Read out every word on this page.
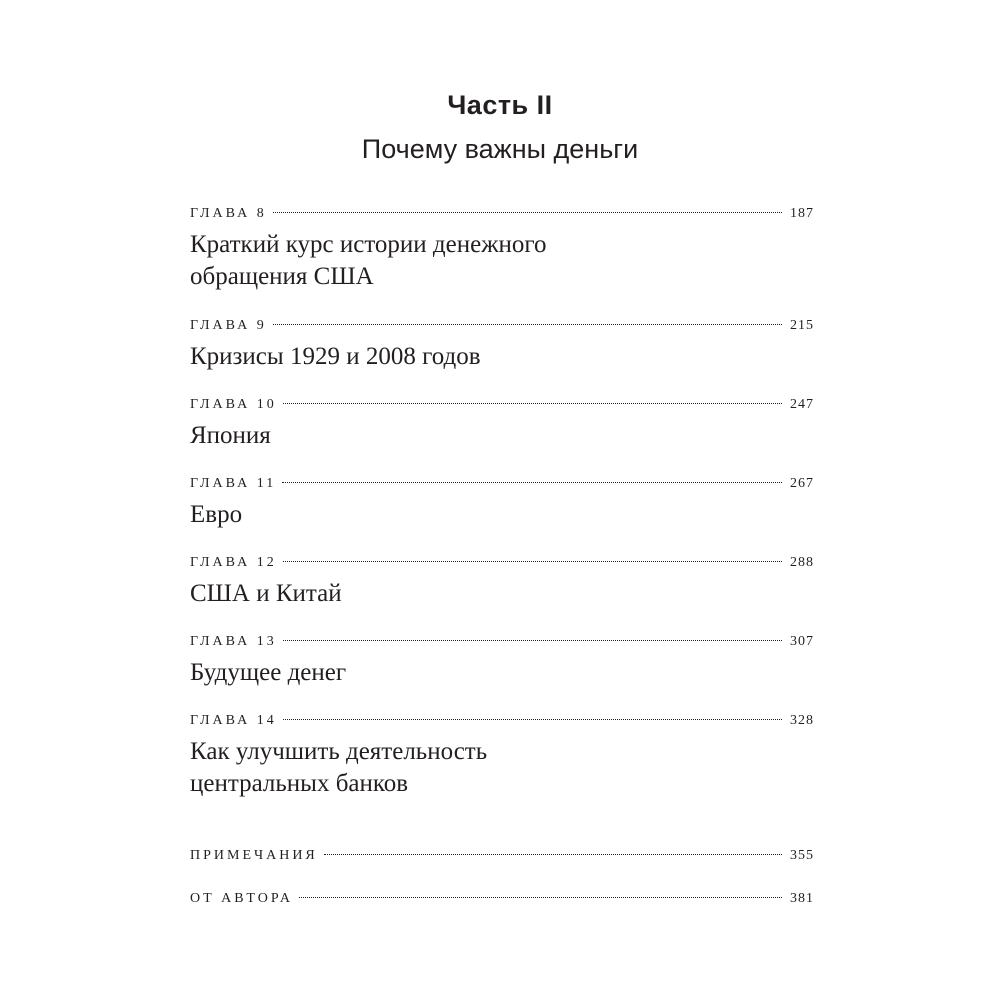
Часть II
Почему важны деньги
ГЛАВА 8	187
Краткий курс истории денежного обращения США
ГЛАВА 9	215
Кризисы 1929 и 2008 годов
ГЛАВА 10	247
Япония
ГЛАВА 11	267
Евро
ГЛАВА 12	288
США и Китай
ГЛАВА 13	307
Будущее денег
ГЛАВА 14	328
Как улучшить деятельность центральных банков
ПРИМЕЧАНИЯ	355
ОТ АВТОРА	381
